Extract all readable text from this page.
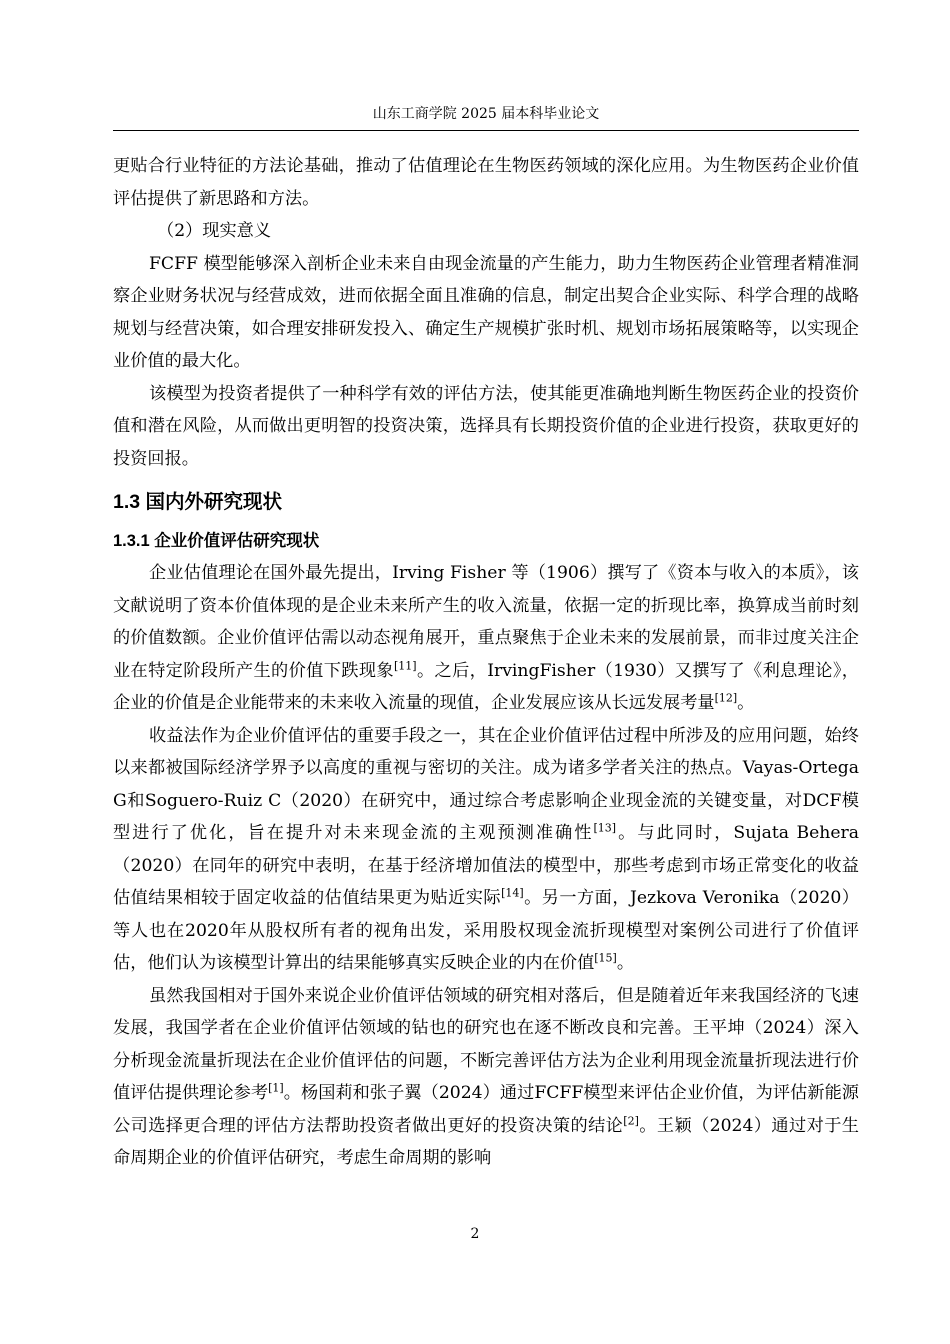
山东工商学院 2025 届本科毕业论文

更贴合行业特征的方法论基础，推动了估值理论在生物医药领域的深化应用。为生物医药企业价值评估提供了新思路和方法。

（2）现实意义

FCFF 模型能够深入剖析企业未来自由现金流量的产生能力，助力生物医药企业管理者精准洞察企业财务状况与经营成效，进而依据全面且准确的信息，制定出契合企业实际、科学合理的战略规划与经营决策，如合理安排研发投入、确定生产规模扩张时机、规划市场拓展策略等，以实现企业价值的最大化。

该模型为投资者提供了一种科学有效的评估方法，使其能更准确地判断生物医药企业的投资价值和潜在风险，从而做出更明智的投资决策，选择具有长期投资价值的企业进行投资，获取更好的投资回报。

1.3 国内外研究现状
1.3.1 企业价值评估研究现状

企业估值理论在国外最先提出，Irving Fisher 等（1906）撰写了《资本与收入的本质》，该文献说明了资本价值体现的是企业未来所产生的收入流量，依据一定的折现比率，换算成当前时刻的价值数额。企业价值评估需以动态视角展开，重点聚焦于企业未来的发展前景，而非过度关注企业在特定阶段所产生的价值下跌现象[11]。之后，IrvingFisher（1930）又撰写了《利息理论》，企业的价值是企业能带来的未来收入流量的现值，企业发展应该从长远发展考量[12]。

收益法作为企业价值评估的重要手段之一，其在企业价值评估过程中所涉及的应用问题，始终以来都被国际经济学界予以高度的重视与密切的关注。成为诸多学者关注的热点。Vayas-Ortega G和Soguero-Ruiz C（2020）在研究中，通过综合考虑影响企业现金流的关键变量，对DCF模型进行了优化，旨在提升对未来现金流的主观预测准确性[13]。与此同时，Sujata Behera（2020）在同年的研究中表明，在基于经济增加值法的模型中，那些考虑到市场正常变化的收益估值结果相较于固定收益的估值结果更为贴近实际[14]。另一方面，Jezkova Veronika（2020）等人也在2020年从股权所有者的视角出发，采用股权现金流折现模型对案例公司进行了价值评估，他们认为该模型计算出的结果能够真实反映企业的内在价值[15]。

虽然我国相对于国外来说企业价值评估领域的研究相对落后，但是随着近年来我国经济的飞速发展，我国学者在企业价值评估领域的钻也的研究也在逐不断改良和完善。王平坤（2024）深入分析现金流量折现法在企业价值评估的问题，不断完善评估方法为企业利用现金流量折现法进行价值评估提供理论参考[1]。杨国莉和张子翼（2024）通过FCFF模型来评估企业价值，为评估新能源公司选择更合理的评估方法帮助投资者做出更好的投资决策的结论[2]。王颖（2024）通过对于生命周期企业的价值评估研究，考虑生命周期的影响

2
